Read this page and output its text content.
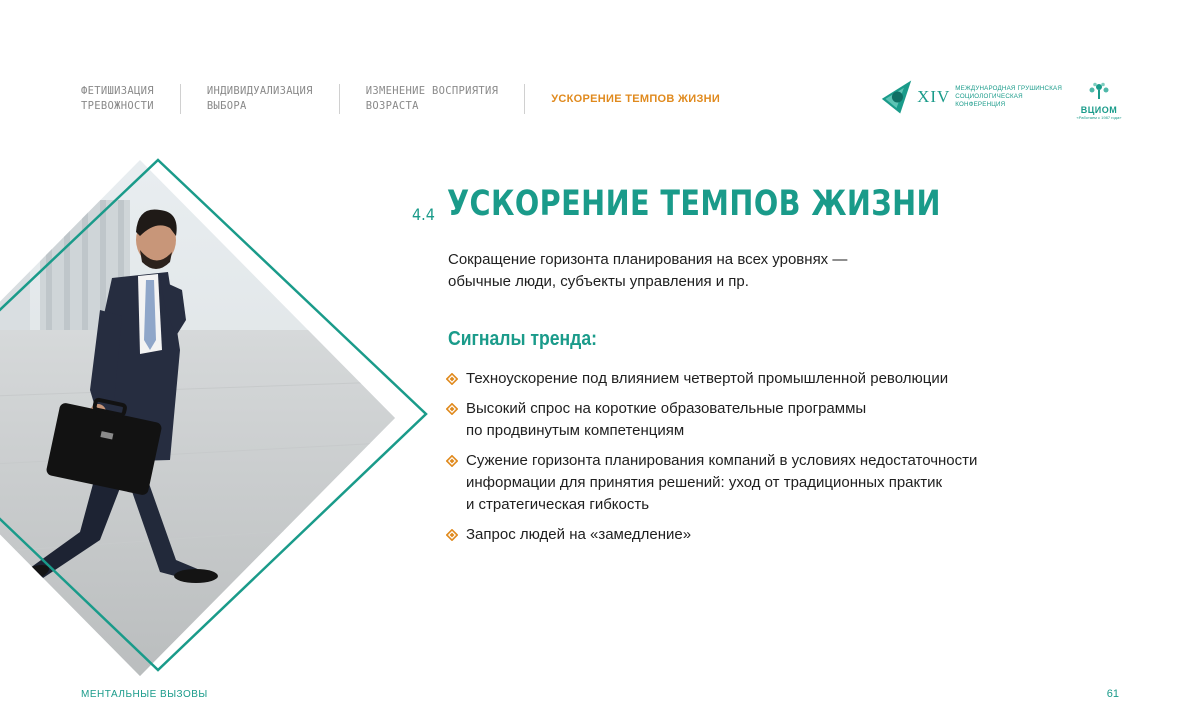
ФЕТИШИЗАЦИЯ
ТРЕВОЖНОСТИ
ИНДИВИДУАЛИЗАЦИЯ
ВЫБОРА
ИЗМЕНЕНИЕ ВОСПРИЯТИЯ
ВОЗРАСТА
УСКОРЕНИЕ ТЕМПОВ ЖИЗНИ	XIV МЕЖДУНАРОДНАЯ ГРУШИНСКАЯ
СОЦИОЛОГИЧЕСКАЯ КОНФЕРЕНЦИЯ
ВЦИОМ
«Работаем с 1987 года»
4.4 УСКОРЕНИЕ ТЕМПОВ ЖИЗНИ

Сокращение горизонта планирования на всех уровнях — обычные люди, субъекты управления и пр.

Сигналы тренда:
Техноускорение под влиянием четвертой промышленной революции
Высокий спрос на короткие образовательные программы
по продвинутым компетенциям
Сужение горизонта планирования компаний в условиях недостаточности
информации для принятия решений: уход от традиционных практик
и стратегическая гибкость
Запрос людей на «замедление»
МЕНТАЛЬНЫЕ ВЫЗОВЫ	61
